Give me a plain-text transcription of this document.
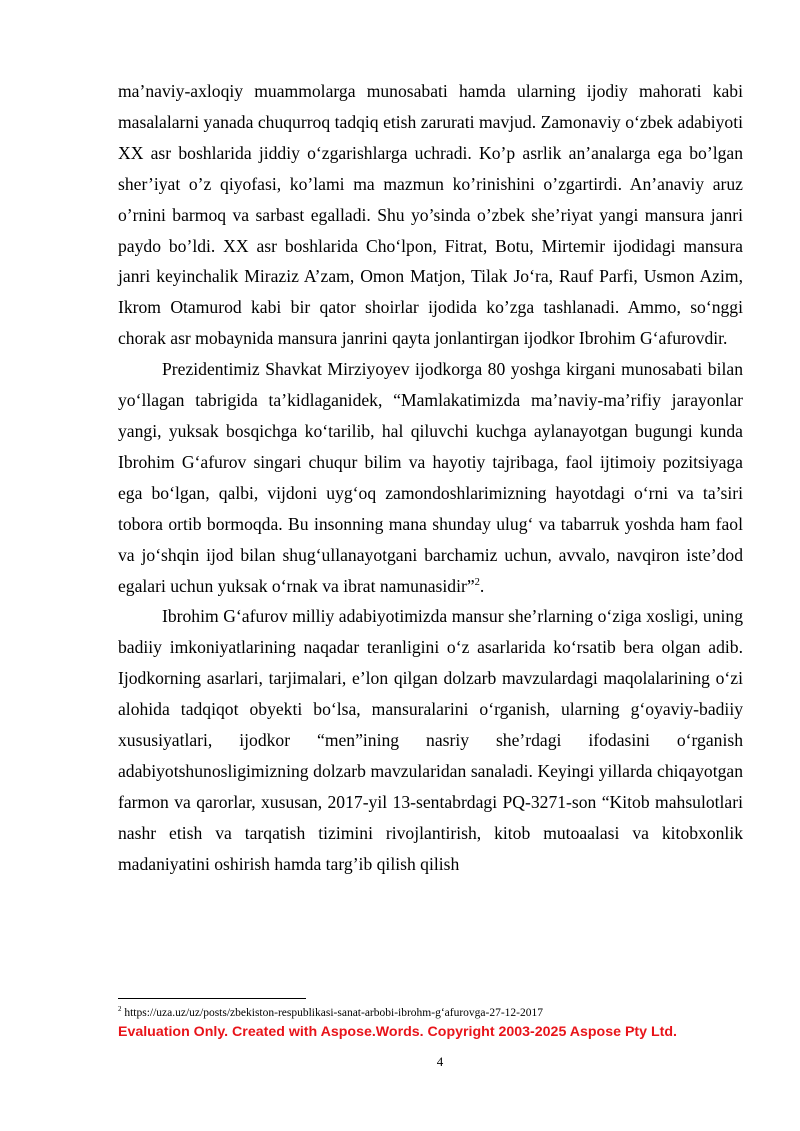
ma’naviy-axloqiy muammolarga munosabati hamda ularning ijodiy mahorati kabi masalalarni yanada chuqurroq tadqiq etish zarurati mavjud. Zamonaviy o‘zbek adabiyoti XX asr boshlarida jiddiy o‘zgarishlarga uchradi. Ko’p asrlik an’analarga ega bo’lgan sher’iyat o’z qiyofasi, ko’lami ma mazmun ko’rinishini o’zgartirdi. An’anaviy aruz o’rnini barmoq va sarbast egalladi. Shu yo’sinda o’zbek she’riyat yangi mansura janri paydo bo’ldi. XX asr boshlarida Cho‘lpon, Fitrat, Botu, Mirtemir ijodidagi mansura janri keyinchalik Miraziz A’zam, Omon Matjon, Tilak Jo‘ra, Rauf Parfi, Usmon Azim, Ikrom Otamurod kabi bir qator shoirlar ijodida ko’zga tashlanadi. Ammo, so‘nggi chorak asr mobaynida mansura janrini qayta jonlantirgan ijodkor Ibrohim G‘afurovdir.

Prezidentimiz Shavkat Mirziyoyev ijodkorga 80 yoshga kirgani munosabati bilan yo‘llagan tabrigida ta’kidlaganidek, “Mamlakatimizda ma’naviy-ma’rifiy jarayonlar yangi, yuksak bosqichga ko‘tarilib, hal qiluvchi kuchga aylanayotgan bugungi kunda Ibrohim G‘afurov singari chuqur bilim va hayotiy tajribaga, faol ijtimoiy pozitsiyaga ega bo‘lgan, qalbi, vijdoni uyg‘oq zamondoshlarimizning hayotdagi o‘rni va ta’siri tobora ortib bormoqda. Bu insonning mana shunday ulug‘ va tabarruk yoshda ham faol va jo‘shqin ijod bilan shug‘ullanayotgani barchamiz uchun, avvalo, navqiron iste’dod egalari uchun yuksak o‘rnak va ibrat namunasidir”$^2$.

Ibrohim G‘afurov milliy adabiyotimizda mansur she’rlarning o‘ziga xosligi, uning badiiy imkoniyatlarining naqadar teranligini o‘z asarlarida ko‘rsatib bera olgan adib. Ijodkorning asarlari, tarjimalari, e’lon qilgan dolzarb mavzulardagi maqolalarining o‘zi alohida tadqiqot obyekti bo‘lsa, mansuralarini o‘rganish, ularning g‘oyaviy-badiiy xususiyatlari, ijodkor “men”ining nasriy she’rdagi ifodasini o‘rganish adabiyotshunosligimizning dolzarb mavzularidan sanaladi. Keyingi yillarda chiqayotgan farmon va qarorlar, xususan, 2017-yil 13-sentabrdagi PQ-3271-son “Kitob mahsulotlari nashr etish va tarqatish tizimini rivojlantirish, kitob mutoaalasi va kitobxonlik madaniyatini oshirish hamda targ’ib qilish qilish

$^2$ https://uza.uz/uz/posts/zbekiston-respublikasi-sanat-arbobi-ibrohm-g‘afurovga-27-12-2017
Evaluation Only. Created with Aspose.Words. Copyright 2003-2025 Aspose Pty Ltd.
4
